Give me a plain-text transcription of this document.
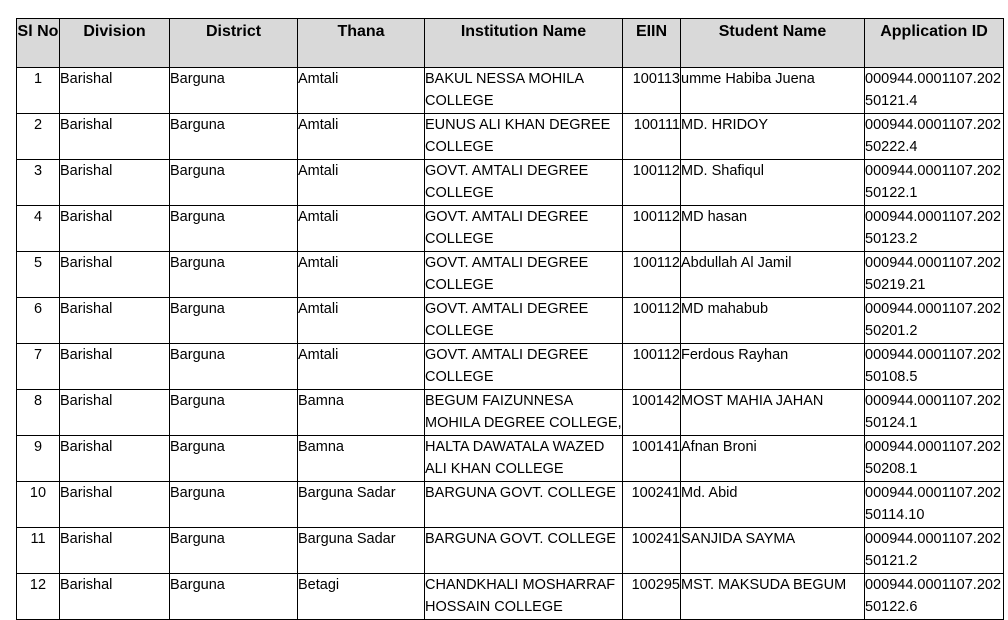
Sl No	Division	District	Thana	Institution Name	EIIN	Student Name	Application ID
1	Barishal	Barguna	Amtali	BAKUL NESSA MOHILA COLLEGE	100113	umme Habiba Juena	000944.0001107.20250121.4
2	Barishal	Barguna	Amtali	EUNUS ALI KHAN DEGREE COLLEGE	100111	MD. HRIDOY	000944.0001107.20250222.4
3	Barishal	Barguna	Amtali	GOVT. AMTALI DEGREE COLLEGE	100112	MD. Shafiqul	000944.0001107.20250122.1
4	Barishal	Barguna	Amtali	GOVT. AMTALI DEGREE COLLEGE	100112	MD hasan	000944.0001107.20250123.2
5	Barishal	Barguna	Amtali	GOVT. AMTALI DEGREE COLLEGE	100112	Abdullah Al Jamil	000944.0001107.20250219.21
6	Barishal	Barguna	Amtali	GOVT. AMTALI DEGREE COLLEGE	100112	MD mahabub	000944.0001107.20250201.2
7	Barishal	Barguna	Amtali	GOVT. AMTALI DEGREE COLLEGE	100112	Ferdous Rayhan	000944.0001107.20250108.5
8	Barishal	Barguna	Bamna	BEGUM FAIZUNNESA MOHILA DEGREE COLLEGE,	100142	MOST MAHIA JAHAN	000944.0001107.20250124.1
9	Barishal	Barguna	Bamna	HALTA DAWATALA WAZED ALI KHAN COLLEGE	100141	Afnan Broni	000944.0001107.20250208.1
10	Barishal	Barguna	Barguna Sadar	BARGUNA GOVT. COLLEGE	100241	Md. Abid	000944.0001107.20250114.10
11	Barishal	Barguna	Barguna Sadar	BARGUNA GOVT. COLLEGE	100241	SANJIDA SAYMA	000944.0001107.20250121.2
12	Barishal	Barguna	Betagi	CHANDKHALI MOSHARRAF HOSSAIN COLLEGE	100295	MST. MAKSUDA BEGUM	000944.0001107.20250122.6
